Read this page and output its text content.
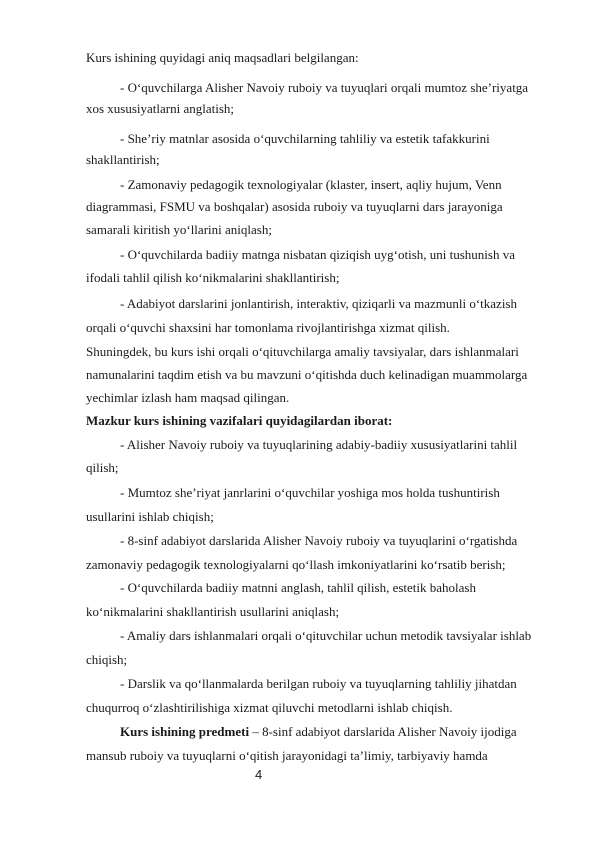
Kurs ishining quyidagi aniq maqsadlari belgilangan:
- O‘quvchilarga Alisher Navoiy ruboiy va tuyuqlari orqali mumtoz she’riyatga
xos xususiyatlarni anglatish;
- She’riy matnlar asosida o‘quvchilarning tahliliy va estetik tafakkurini
shakllantirish;
- Zamonaviy pedagogik texnologiyalar (klaster, insert, aqliy hujum, Venn
diagrammasi, FSMU va boshqalar) asosida ruboiy va tuyuqlarni dars jarayoniga
samarali kiritish yo‘llarini aniqlash;
- O‘quvchilarda badiiy matnga nisbatan qiziqish uyg‘otish, uni tushunish va
ifodali tahlil qilish ko‘nikmalarini shakllantirish;
- Adabiyot darslarini jonlantirish, interaktiv, qiziqarli va mazmunli o‘tkazish
orqali o‘quvchi shaxsini har tomonlama rivojlantirishga xizmat qilish.
Shuningdek, bu kurs ishi orqali o‘qituvchilarga amaliy tavsiyalar, dars ishlanmalari
namunalarini taqdim etish va bu mavzuni o‘qitishda duch kelinadigan muammolarga
yechimlar izlash ham maqsad qilingan.
Mazkur kurs ishining vazifalari quyidagilardan iborat:
- Alisher Navoiy ruboiy va tuyuqlarining adabiy-badiiy xususiyatlarini tahlil
qilish;
- Mumtoz she’riyat janrlarini o‘quvchilar yoshiga mos holda tushuntirish
usullarini ishlab chiqish;
- 8-sinf adabiyot darslarida Alisher Navoiy ruboiy va tuyuqlarini o‘rgatishda
zamonaviy pedagogik texnologiyalarni qo‘llash imkoniyatlarini ko‘rsatib berish;
- O‘quvchilarda badiiy matnni anglash, tahlil qilish, estetik baholash
ko‘nikmalarini shakllantirish usullarini aniqlash;
- Amaliy dars ishlanmalari orqali o‘qituvchilar uchun metodik tavsiyalar ishlab
chiqish;
- Darslik va qo‘llanmalarda berilgan ruboiy va tuyuqlarning tahliliy jihatdan
chuqurroq o‘zlashtirilishiga xizmat qiluvchi metodlarni ishlab chiqish.
Kurs ishining predmeti – 8-sinf adabiyot darslarida Alisher Navoiy ijodiga
mansub ruboiy va tuyuqlarni o‘qitish jarayonidagi ta’limiy, tarbiyaviy hamda
4
